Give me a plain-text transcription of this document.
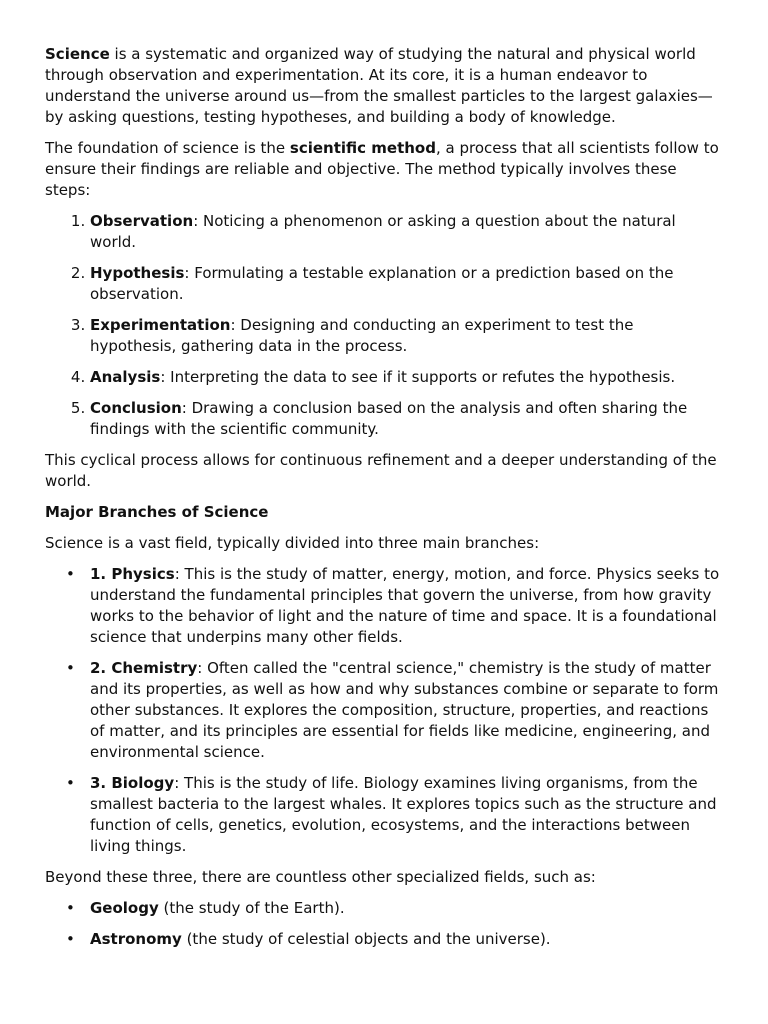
Science is a systematic and organized way of studying the natural and physical world through observation and experimentation. At its core, it is a human endeavor to understand the universe around us—from the smallest particles to the largest galaxies—by asking questions, testing hypotheses, and building a body of knowledge.

The foundation of science is the scientific method, a process that all scientists follow to ensure their findings are reliable and objective. The method typically involves these steps:

1. Observation: Noticing a phenomenon or asking a question about the natural world.
2. Hypothesis: Formulating a testable explanation or a prediction based on the observation.
3. Experimentation: Designing and conducting an experiment to test the hypothesis, gathering data in the process.
4. Analysis: Interpreting the data to see if it supports or refutes the hypothesis.
5. Conclusion: Drawing a conclusion based on the analysis and often sharing the findings with the scientific community.

This cyclical process allows for continuous refinement and a deeper understanding of the world.

Major Branches of Science

Science is a vast field, typically divided into three main branches:

• 1. Physics: This is the study of matter, energy, motion, and force. Physics seeks to understand the fundamental principles that govern the universe, from how gravity works to the behavior of light and the nature of time and space. It is a foundational science that underpins many other fields.
• 2. Chemistry: Often called the "central science," chemistry is the study of matter and its properties, as well as how and why substances combine or separate to form other substances. It explores the composition, structure, properties, and reactions of matter, and its principles are essential for fields like medicine, engineering, and environmental science.
• 3. Biology: This is the study of life. Biology examines living organisms, from the smallest bacteria to the largest whales. It explores topics such as the structure and function of cells, genetics, evolution, ecosystems, and the interactions between living things.

Beyond these three, there are countless other specialized fields, such as:

• Geology (the study of the Earth).
• Astronomy (the study of celestial objects and the universe).
